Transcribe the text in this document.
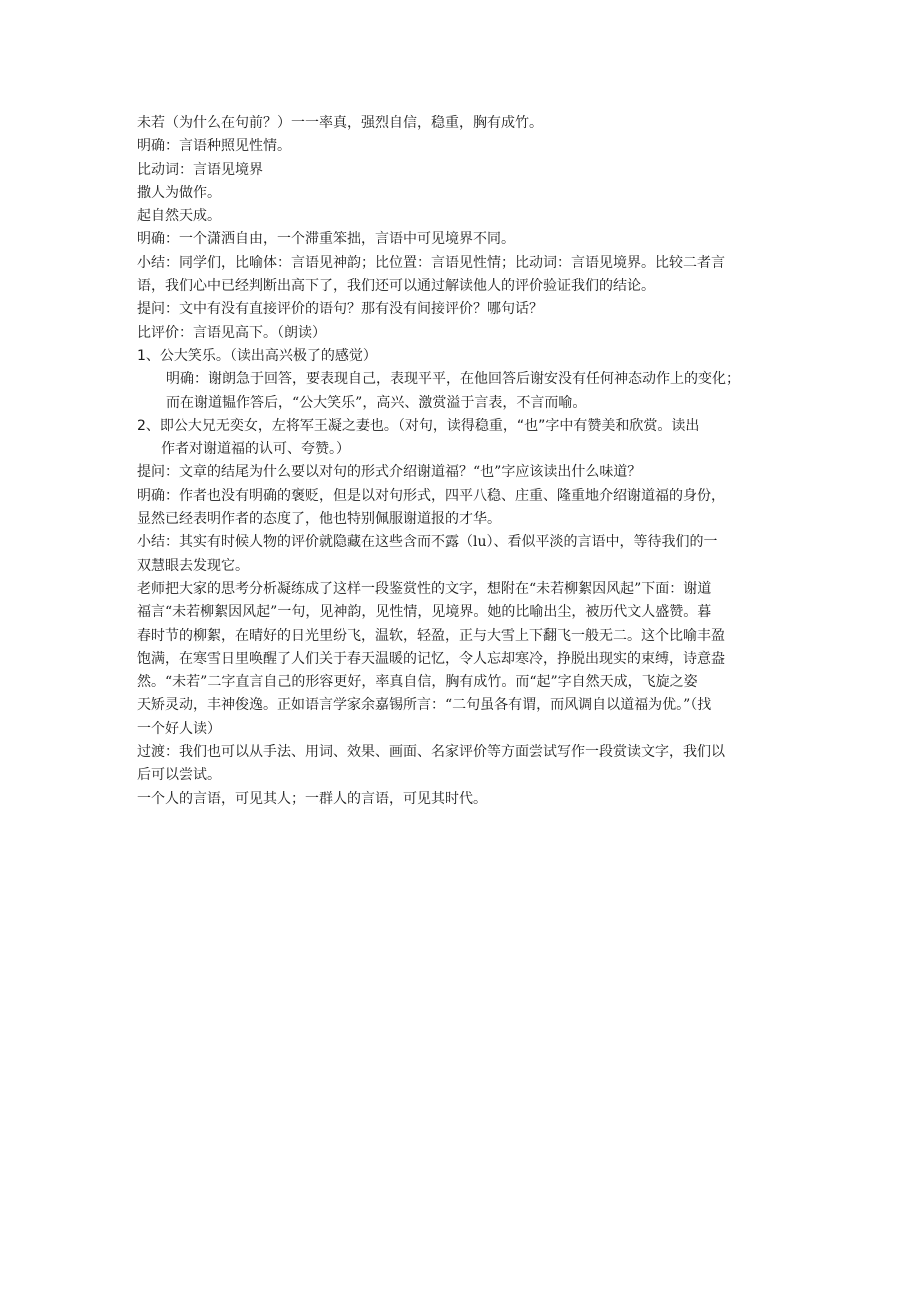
未若（为什么在句前？）一一率真，强烈自信，稳重，胸有成竹。
明确：言语种照见性情。
比动词：言语见境界
撒人为做作。
起自然天成。
明确：一个潇洒自由，一个滞重笨拙，言语中可见境界不同。
小结：同学们，比喻体：言语见神韵；比位置：言语见性情；比动词：言语见境界。比较二者言
语，我们心中已经判断出高下了，我们还可以通过解读他人的评价验证我们的结论。
提问：文中有没有直接评价的语句？那有没有间接评价？哪句话？
比评价：言语见高下。（朗读）
1、公大笑乐。（读出高兴极了的感觉）
明确：谢朗急于回答，要表现自己，表现平平，在他回答后谢安没有任何神态动作上的变化；
而在谢道韫作答后，“公大笑乐”，高兴、激赏溢于言表，不言而喻。
2、即公大兄无奕女，左将军王凝之妻也。（对句，读得稳重，“也”字中有赞美和欣赏。读出
作者对谢道福的认可、夸赞。）
提问：文章的结尾为什么要以对句的形式介绍谢道福？“也”字应该读出什么味道？
明确：作者也没有明确的褒贬，但是以对句形式，四平八稳、庄重、隆重地介绍谢道福的身份，
显然已经表明作者的态度了，他也特别佩服谢道报的才华。
小结：其实有时候人物的评价就隐藏在这些含而不露（lu）、看似平淡的言语中，等待我们的一
双慧眼去发现它。
老师把大家的思考分析凝练成了这样一段鉴赏性的文字，想附在“未若柳絮因风起”下面：谢道
福言“未若柳絮因风起”一句，见神韵，见性情，见境界。她的比喻出尘，被历代文人盛赞。暮
春时节的柳絮，在晴好的日光里纷飞，温软，轻盈，正与大雪上下翻飞一般无二。这个比喻丰盈
饱满，在寒雪日里唤醒了人们关于春天温暖的记忆，令人忘却寒冷，挣脱出现实的束缚，诗意盎
然。“未若”二字直言自己的形容更好，率真自信，胸有成竹。而“起”字自然天成，飞旋之姿
天矫灵动，丰神俊逸。正如语言学家余嘉锡所言：“二句虽各有谓，而风调自以道福为优。”（找
一个好人读）
过渡：我们也可以从手法、用词、效果、画面、名家评价等方面尝试写作一段赏读文字，我们以
后可以尝试。
一个人的言语，可见其人；一群人的言语，可见其时代。
